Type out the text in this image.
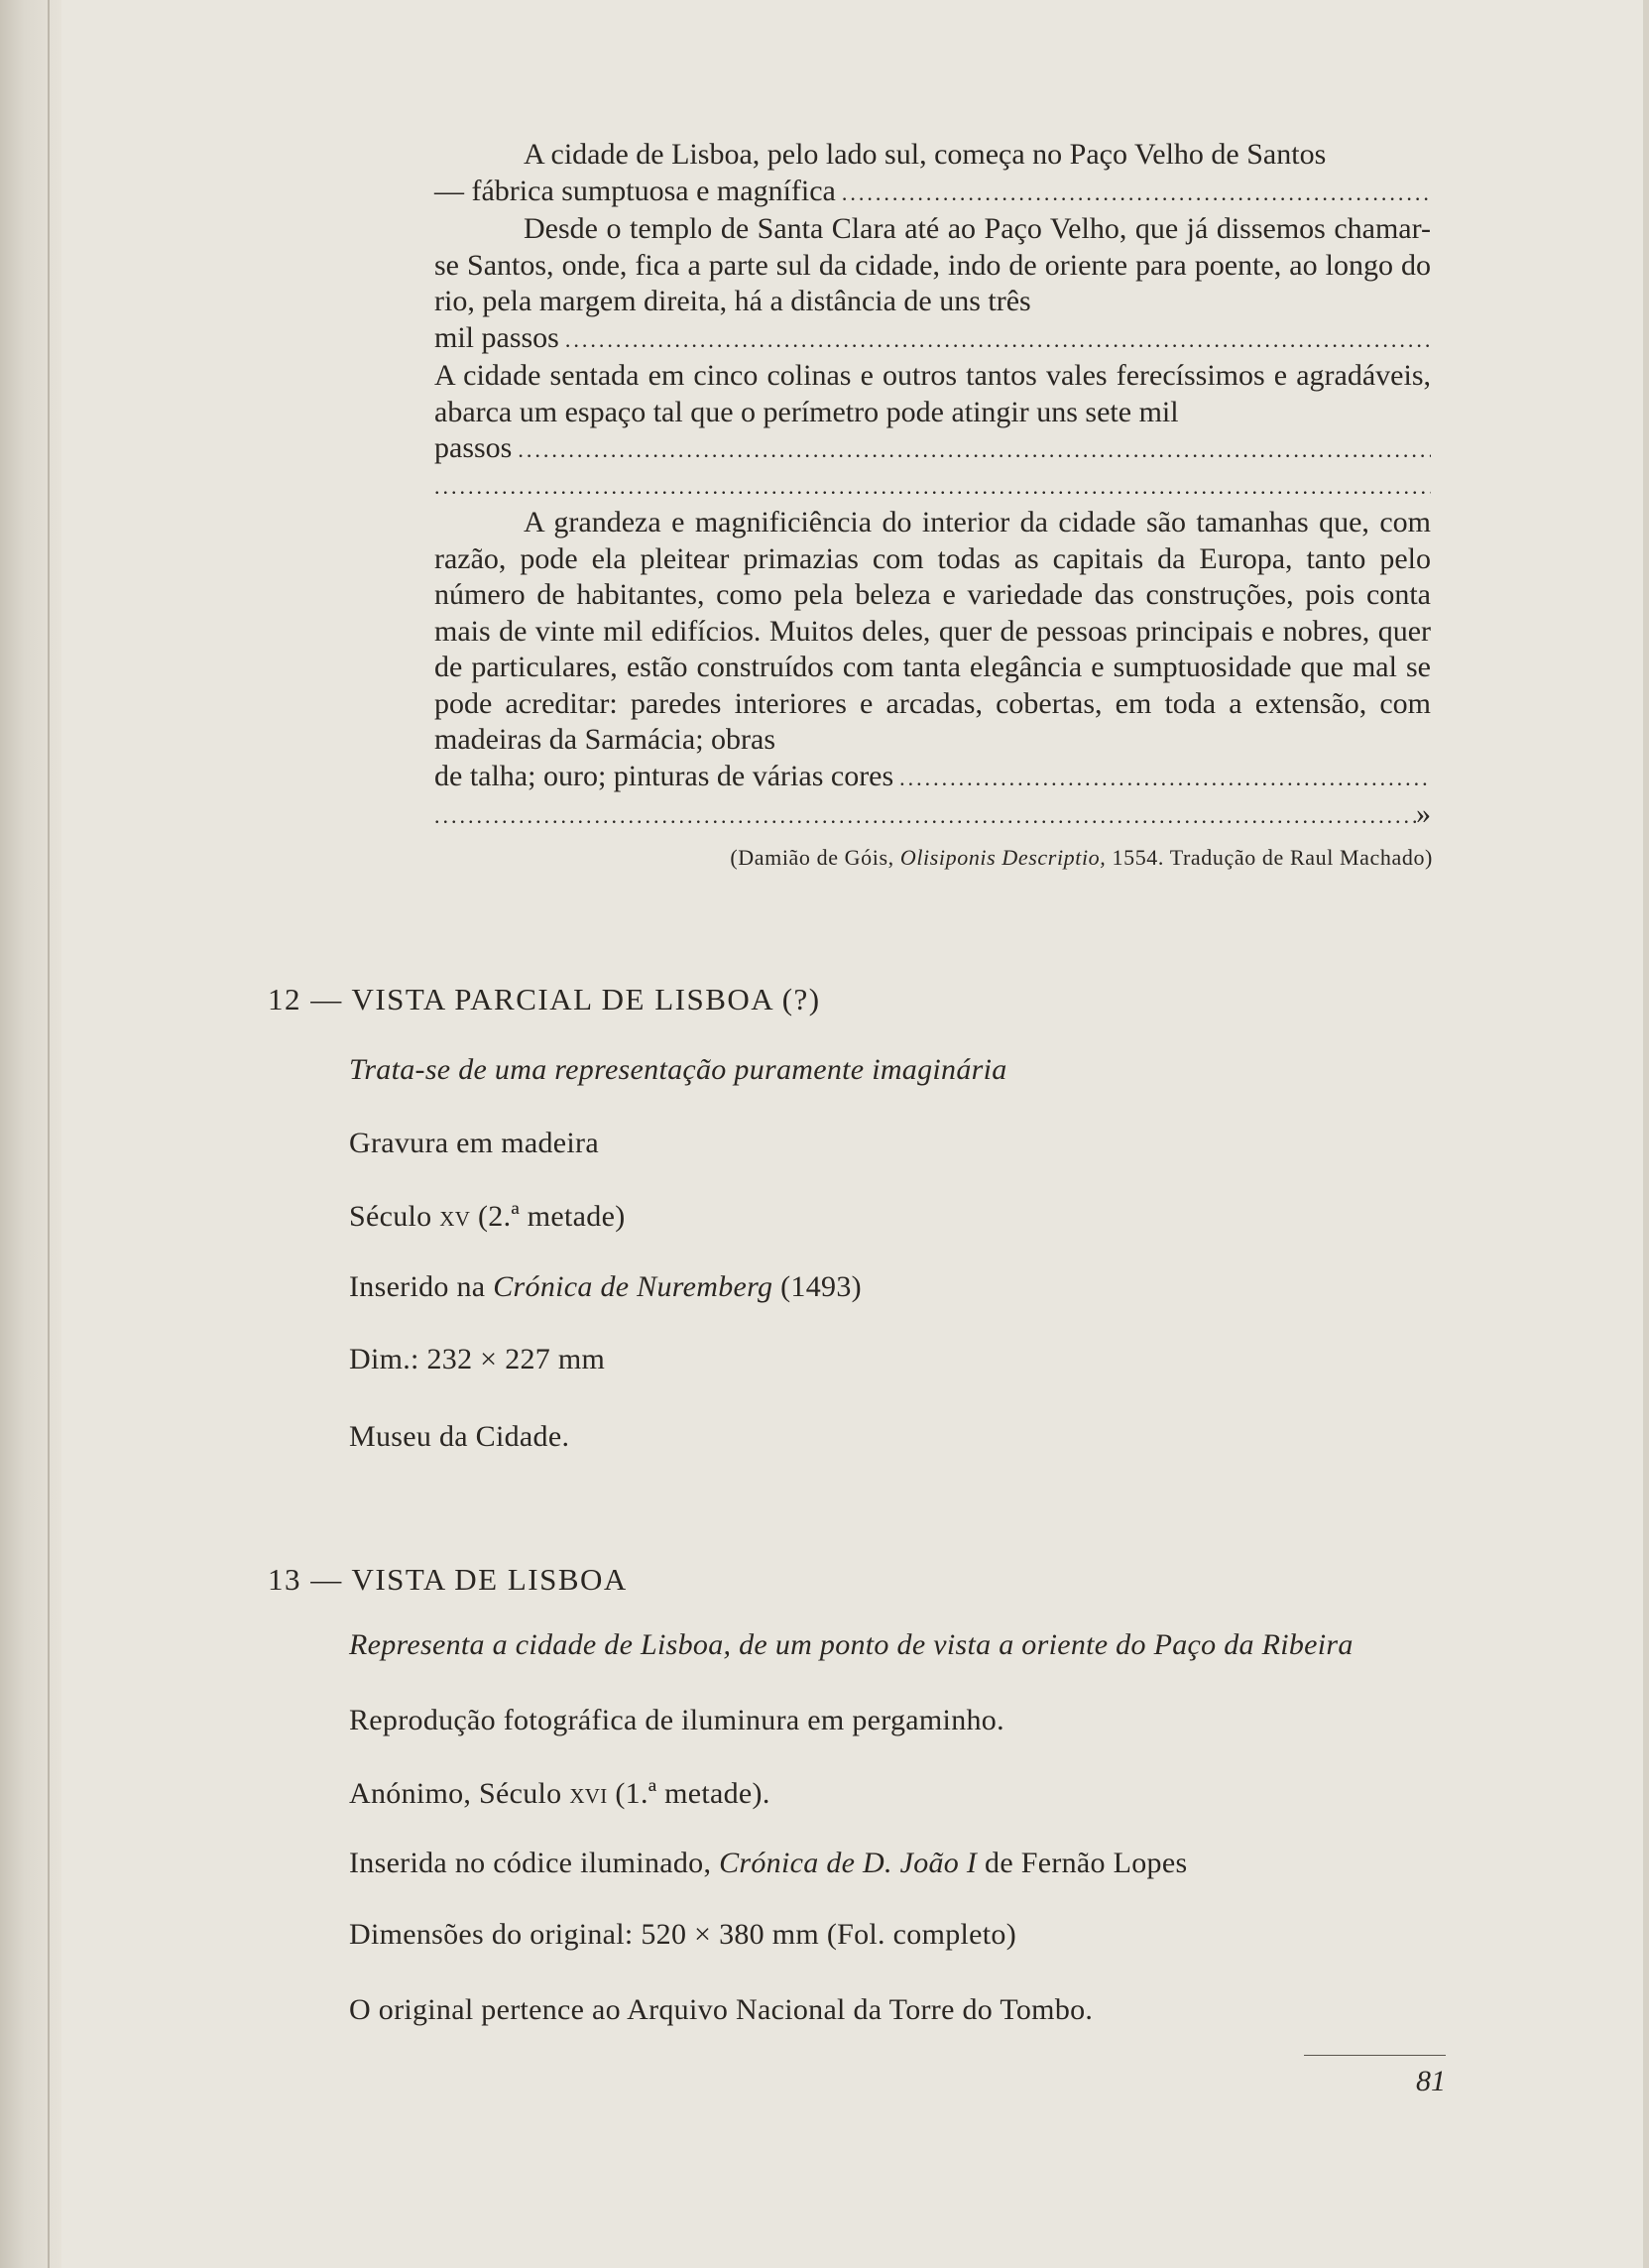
A cidade de Lisboa, pelo lado sul, começa no Paço Velho de Santos

— fábrica sumptuosa e magnífica
.....

Desde o templo de Santa Clara até ao Paço Velho, que já dissemos chamar-se Santos, onde, fica a parte sul da cidade, indo de oriente para poente, ao longo do rio, pela margem direita, há a distância de uns três

mil passos
.....

A cidade sentada em cinco colinas e outros tantos vales ferecíssimos e agradáveis, abarca um espaço tal que o perímetro pode atingir uns sete mil

passos
.....
.....

A grandeza e magnificiência do interior da cidade são tamanhas que, com razão, pode ela pleitear primazias com todas as capitais da Europa, tanto pelo número de habitantes, como pela beleza e variedade das construções, pois conta mais de vinte mil edifícios. Muitos deles, quer de pessoas principais e nobres, quer de particulares, estão construídos com tanta elegância e sumptuosidade que mal se pode acreditar: paredes interiores e arcadas, cobertas, em toda a extensão, com madeiras da Sarmácia; obras

de talha; ouro; pinturas de várias cores
.....
.....
»
(Damião de Góis, Olisiponis Descriptio, 1554. Tradução de Raul Machado)
12 — VISTA PARCIAL DE LISBOA (?)
Trata-se de uma representação puramente imaginária
Gravura em madeira
Século xv (2.ª metade)
Inserido na Crónica de Nuremberg (1493)
Dim.: 232 × 227 mm
Museu da Cidade.
13 — VISTA DE LISBOA
Representa a cidade de Lisboa, de um ponto de vista a oriente do Paço da Ribeira
Reprodução fotográfica de iluminura em pergaminho.
Anónimo, Século xvi (1.ª metade).
Inserida no códice iluminado, Crónica de D. João I de Fernão Lopes
Dimensões do original: 520 × 380 mm (Fol. completo)
O original pertence ao Arquivo Nacional da Torre do Tombo.
81
